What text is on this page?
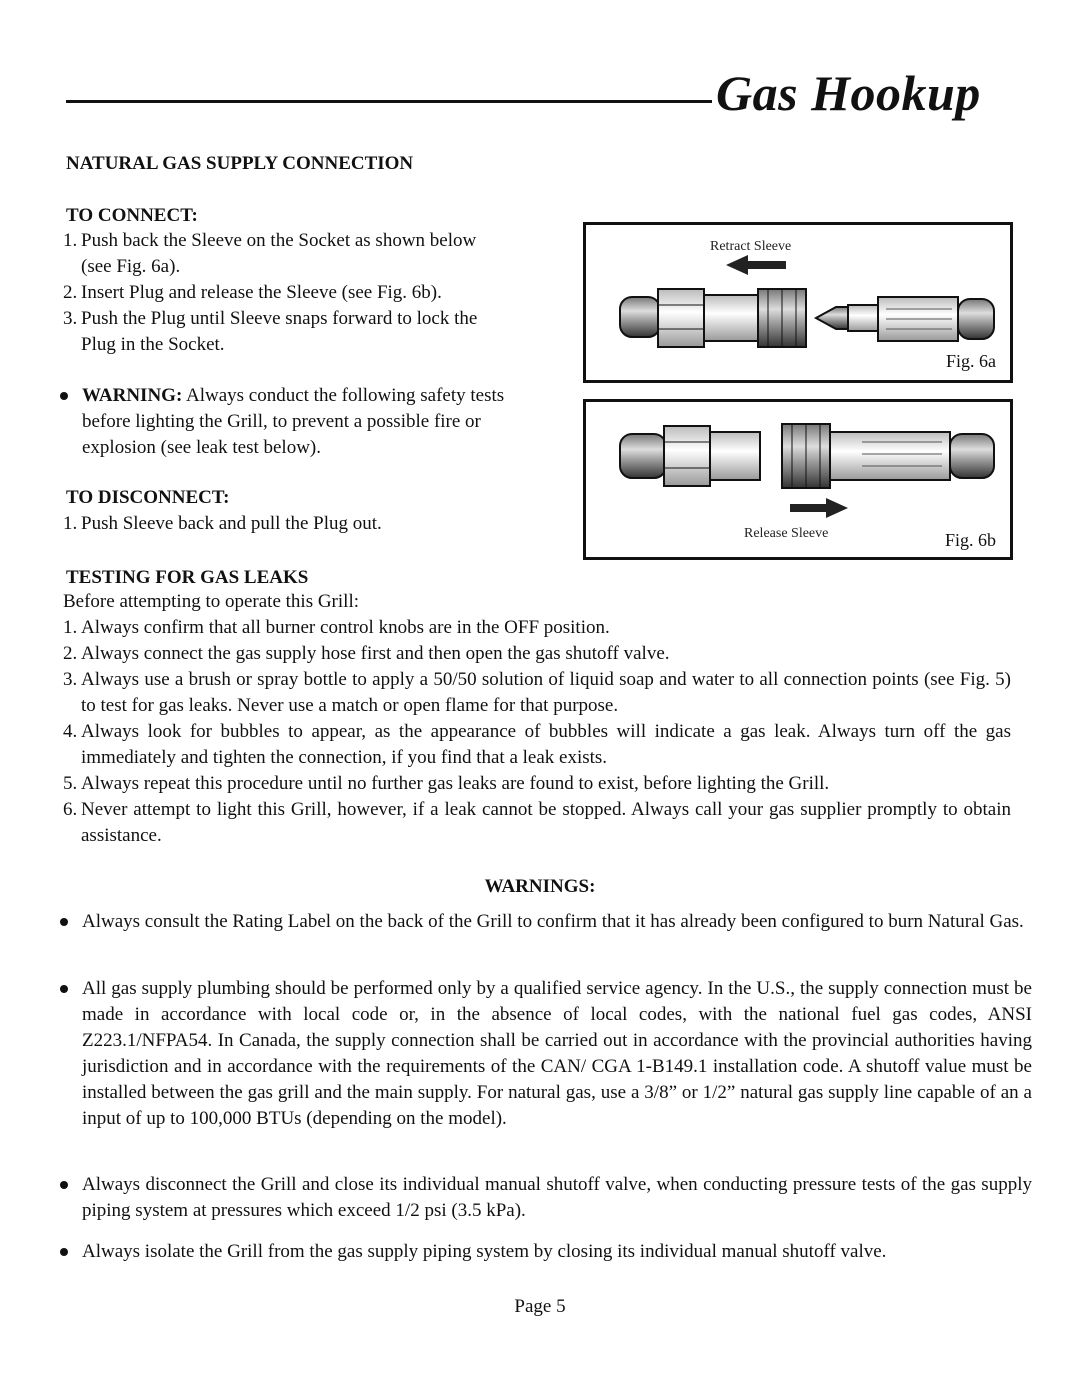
Gas Hookup
NATURAL GAS SUPPLY CONNECTION
TO CONNECT:
1. Push back the Sleeve on the Socket as shown below
(see Fig. 6a).
2. Insert Plug and release the Sleeve (see Fig. 6b).
3. Push the Plug until Sleeve snaps forward to lock the
Plug in the Socket.
WARNING: Always conduct the following safety tests
before lighting the Grill, to prevent a possible fire or
explosion (see leak test below).
TO DISCONNECT:
1. Push Sleeve back and pull the Plug out.
Retract Sleeve
Fig. 6a
Release Sleeve	Fig. 6b
TESTING FOR GAS LEAKS
Before attempting to operate this Grill:
1. Always confirm that all burner control knobs are in the OFF position.
2. Always connect the gas supply hose first and then open the gas shutoff valve.
3. Always use a brush or spray bottle to apply a 50/50 solution of liquid soap and water to all connection points (see Fig. 5) to test for gas leaks. Never use a match or open flame for that purpose.
4. Always look for bubbles to appear, as the appearance of bubbles will indicate a gas leak. Always turn off the gas immediately and tighten the connection, if you find that a leak exists.
5. Always repeat this procedure until no further gas leaks are found to exist, before lighting the Grill.
6. Never attempt to light this Grill, however, if a leak cannot be stopped. Always call your gas supplier promptly to obtain assistance.
WARNINGS:
Always consult the Rating Label on the back of the Grill to confirm that it has already been configured to burn Natural Gas.
All gas supply plumbing should be performed only by a qualified service agency. In the U.S., the supply connection must be made in accordance with local code or, in the absence of local codes, with the national fuel gas codes, ANSI Z223.1/NFPA54. In Canada, the supply connection shall be carried out in accordance with the provincial authorities having jurisdiction and in accordance with the requirements of the CAN/ CGA 1-B149.1 installation code. A shutoff value must be installed between the gas grill and the main supply. For natural gas, use a 3/8” or 1/2” natural gas supply line capable of an a input of up to 100,000 BTUs (depending on the model).
Always disconnect the Grill and close its individual manual shutoff valve, when conducting pressure tests of the gas supply piping system at pressures which exceed 1/2 psi (3.5 kPa).
Always isolate the Grill from the gas supply piping system by closing its individual manual shutoff valve.
Page 5
